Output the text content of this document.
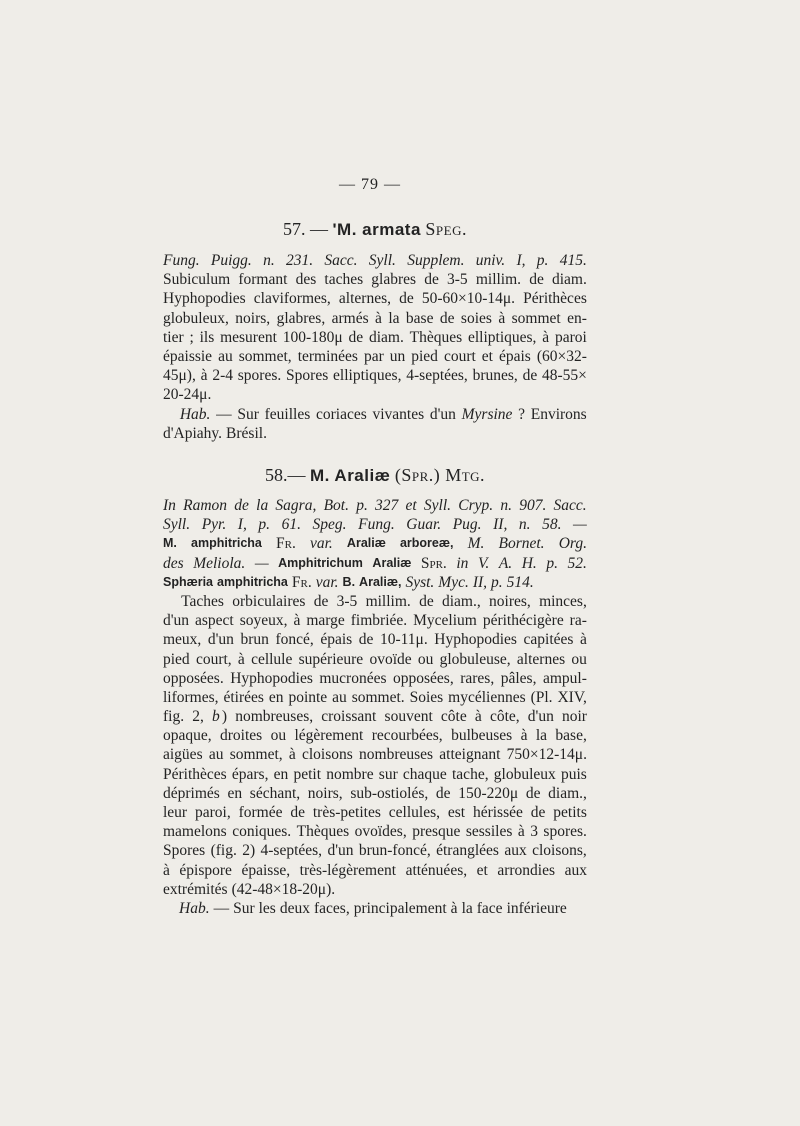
— 79 —
57. — 'M. armata Speg.
Fung. Puigg. n. 231. Sacc. Syll. Supplem. univ. I, p. 415.
Subiculum formant des taches glabres de 3-5 millim. de diam.
Hyphopodies claviformes, alternes, de 50-60×10-14μ. Périthèces
globuleux, noirs, glabres, armés à la base de soies à sommet en-
tier ; ils mesurent 100-180μ de diam. Thèques elliptiques, à paroi
épaissie au sommet, terminées par un pied court et épais (60×32-
45μ), à 2-4 spores. Spores elliptiques, 4-septées, brunes, de 48-55×
20-24μ.
Hab. — Sur feuilles coriaces vivantes d'un Myrsine ? Environs
d'Apiahy. Brésil.
58.— M. Araliæ (Spr.) Mtg.
In Ramon de la Sagra, Bot. p. 327 et Syll. Cryp. n. 907. Sacc.
Syll. Pyr. I, p. 61. Speg. Fung. Guar. Pug. II, n. 58. —
M. amphitricha Fr. var. Araliæ arboreæ, M. Bornet. Org.
des Meliola. — Amphitrichum Araliæ Spr. in V. A. H. p. 52.
Sphæria amphitricha Fr. var. B. Araliæ, Syst. Myc. II, p. 514.
Taches orbiculaires de 3-5 millim. de diam., noires, minces,
d'un aspect soyeux, à marge fimbriée. Mycelium périthécigère ra-
meux, d'un brun foncé, épais de 10-11μ. Hyphopodies capitées à
pied court, à cellule supérieure ovoïde ou globuleuse, alternes ou
opposées. Hyphopodies mucronées opposées, rares, pâles, ampul-
liformes, étirées en pointe au sommet. Soies mycéliennes (Pl. XIV,
fig. 2, b ) nombreuses, croissant souvent côte à côte, d'un noir
opaque, droites ou légèrement recourbées, bulbeuses à la base,
aigües au sommet, à cloisons nombreuses atteignant 750×12-14μ.
Périthèces épars, en petit nombre sur chaque tache, globuleux puis
déprimés en séchant, noirs, sub-ostiolés, de 150-220μ de diam.,
leur paroi, formée de très-petites cellules, est hérissée de petits
mamelons coniques. Thèques ovoïdes, presque sessiles à 3 spores.
Spores (fig. 2) 4-septées, d'un brun-foncé, étranglées aux cloisons,
à épispore épaisse, très-légèrement atténuées, et arrondies aux
extrémités (42-48×18-20μ).
Hab. — Sur les deux faces, principalement à la face inférieure
